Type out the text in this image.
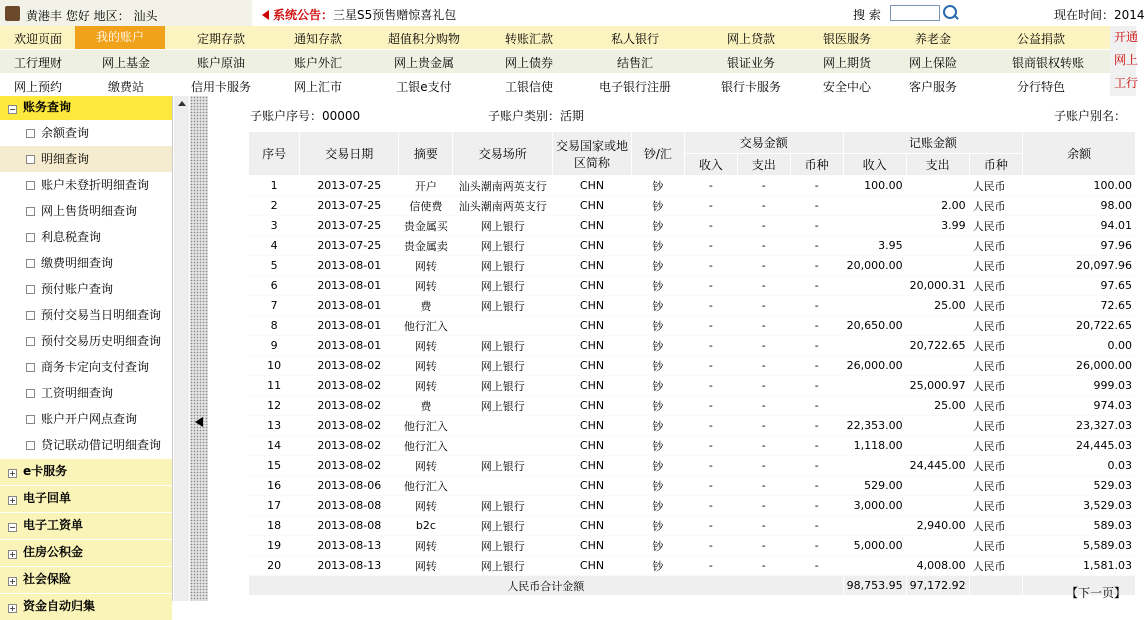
黄港丰 您好 地区： 汕头	系统公告：三星S5预售赠惊喜礼包	搜 索	现在时间：2014
欢迎页面	我的账户	定期存款	通知存款	超值积分购物	转账汇款	私人银行	网上贷款	银医服务	养老金	公益捐款
工行理财	网上基金	账户原油	账户外汇	网上贵金属	网上债券	结售汇	银证业务	网上期货	网上保险	银商银权转账
网上预约	缴费站	信用卡服务	网上汇市	工银e支付	工银信使	电子银行注册	银行卡服务	安全中心	客户服务	分行特色
开通
网上
工行
− 账务查询
余额查询
明细查询
账户未登折明细查询
网上售货明细查询
利息税查询
缴费明细查询
预付账户查询
预付交易当日明细查询
预付交易历史明细查询
商务卡定向支付查询
工资明细查询
账户开户网点查询
贷记联动借记明细查询
+ e卡服务
+ 电子回单
− 电子工资单
+ 住房公积金
+ 社会保险
+ 资金自动归集
子账户序号：00000	子账户类别：活期	子账户别名：
序号	交易日期	摘要	交易场所	交易国家或地区简称	钞/汇	交易金额			记账金额			余额
						收入	支出	币种	收入	支出	币种	
1	2013-07-25	开户	汕头潮南两英支行	CHN	钞	-	-	-	100.00		人民币	100.00
2	2013-07-25	信使费	汕头潮南两英支行	CHN	钞	-	-	-		2.00	人民币	98.00
3	2013-07-25	贵金属买	网上银行	CHN	钞	-	-	-		3.99	人民币	94.01
4	2013-07-25	贵金属卖	网上银行	CHN	钞	-	-	-	3.95		人民币	97.96
5	2013-08-01	网转	网上银行	CHN	钞	-	-	-	20,000.00		人民币	20,097.96
6	2013-08-01	网转	网上银行	CHN	钞	-	-	-		20,000.31	人民币	97.65
7	2013-08-01	费	网上银行	CHN	钞	-	-	-		25.00	人民币	72.65
8	2013-08-01	他行汇入		CHN	钞	-	-	-	20,650.00		人民币	20,722.65
9	2013-08-01	网转	网上银行	CHN	钞	-	-	-		20,722.65	人民币	0.00
10	2013-08-02	网转	网上银行	CHN	钞	-	-	-	26,000.00		人民币	26,000.00
11	2013-08-02	网转	网上银行	CHN	钞	-	-	-		25,000.97	人民币	999.03
12	2013-08-02	费	网上银行	CHN	钞	-	-	-		25.00	人民币	974.03
13	2013-08-02	他行汇入		CHN	钞	-	-	-	22,353.00		人民币	23,327.03
14	2013-08-02	他行汇入		CHN	钞	-	-	-	1,118.00		人民币	24,445.03
15	2013-08-02	网转	网上银行	CHN	钞	-	-	-		24,445.00	人民币	0.03
16	2013-08-06	他行汇入		CHN	钞	-	-	-	529.00		人民币	529.03
17	2013-08-08	网转	网上银行	CHN	钞	-	-	-	3,000.00		人民币	3,529.03
18	2013-08-08	b2c	网上银行	CHN	钞	-	-	-		2,940.00	人民币	589.03
19	2013-08-13	网转	网上银行	CHN	钞	-	-	-	5,000.00		人民币	5,589.03
20	2013-08-13	网转	网上银行	CHN	钞	-	-	-		4,008.00	人民币	1,581.03
人民币合计金额									98,753.95	97,172.92		
【下一页】
